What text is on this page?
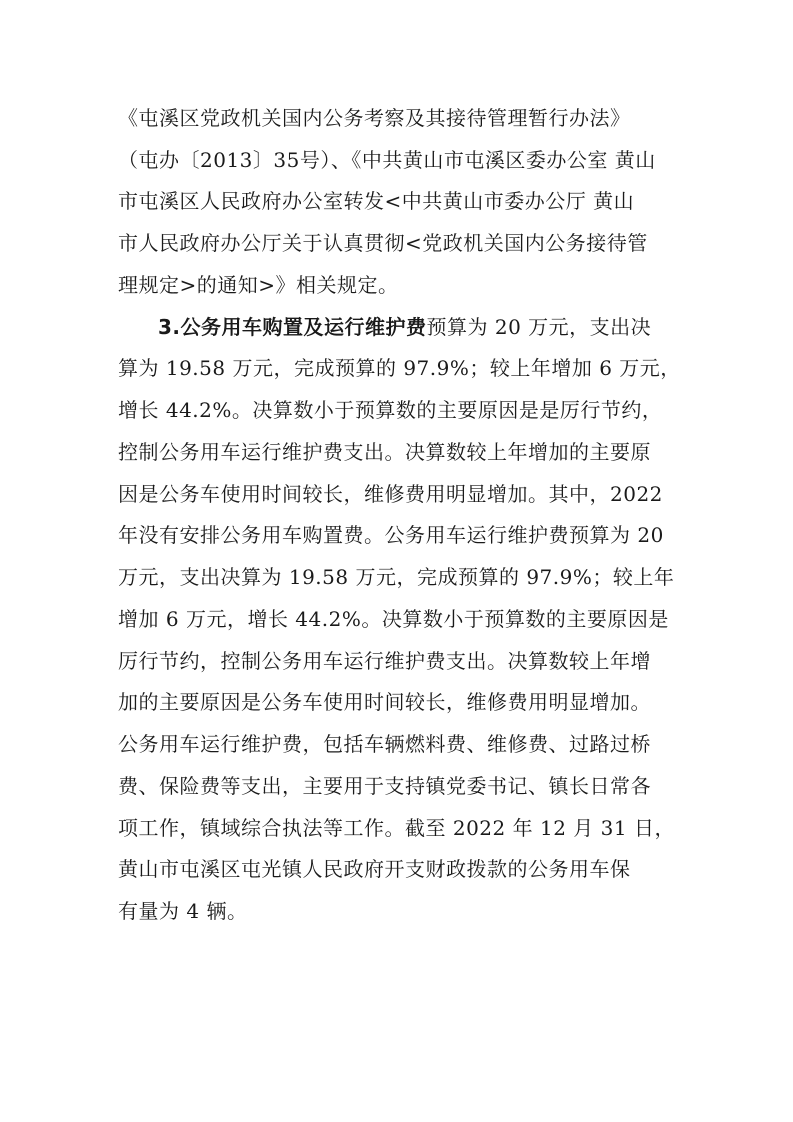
《屯溪区党政机关国内公务考察及其接待管理暂行办法》
（屯办〔2013〕35号）、《中共黄山市屯溪区委办公室 黄山
市屯溪区人民政府办公室转发<中共黄山市委办公厅 黄山
市人民政府办公厅关于认真贯彻<党政机关国内公务接待管
理规定>的通知>》相关规定。
3.公务用车购置及运行维护费预算为 20 万元，支出决
算为 19.58 万元，完成预算的 97.9%；较上年增加 6 万元，
增长 44.2%。决算数小于预算数的主要原因是是厉行节约，
控制公务用车运行维护费支出。决算数较上年增加的主要原
因是公务车使用时间较长，维修费用明显增加。其中，2022
年没有安排公务用车购置费。公务用车运行维护费预算为 20
万元，支出决算为 19.58 万元，完成预算的 97.9%；较上年
增加 6 万元，增长 44.2%。决算数小于预算数的主要原因是
厉行节约，控制公务用车运行维护费支出。决算数较上年增
加的主要原因是公务车使用时间较长，维修费用明显增加。
公务用车运行维护费，包括车辆燃料费、维修费、过路过桥
费、保险费等支出，主要用于支持镇党委书记、镇长日常各
项工作，镇域综合执法等工作。截至 2022 年 12 月 31 日，
黄山市屯溪区屯光镇人民政府开支财政拨款的公务用车保
有量为 4 辆。
